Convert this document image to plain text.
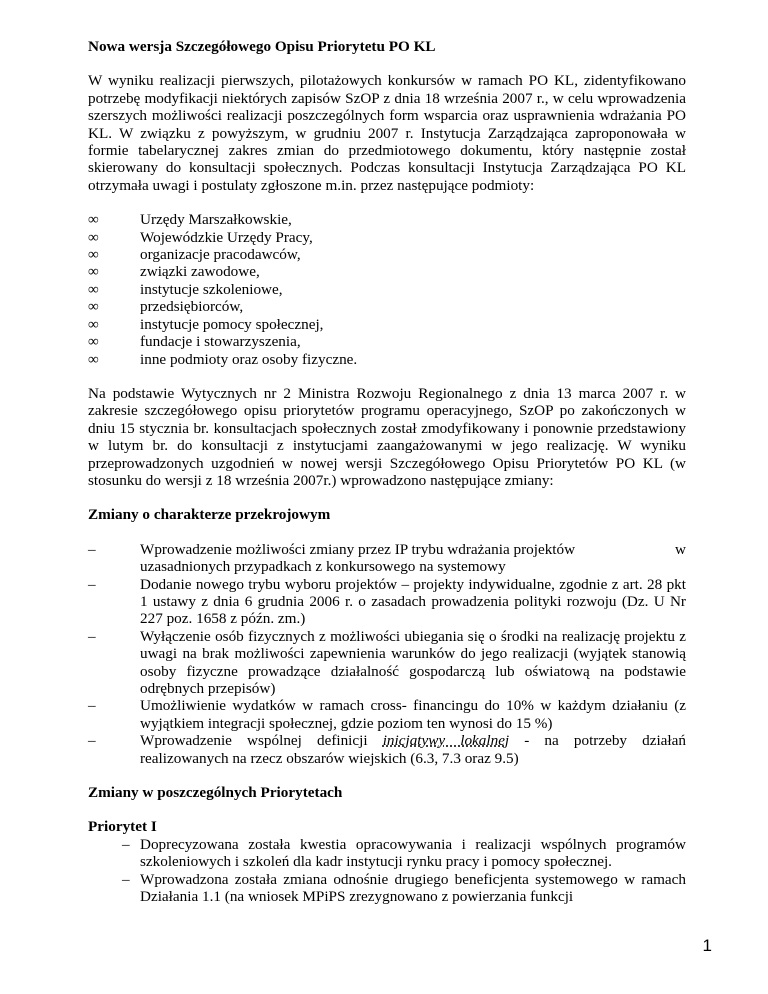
Nowa wersja Szczegółowego Opisu Priorytetu PO KL

W wyniku realizacji pierwszych, pilotażowych konkursów w ramach PO KL, zidentyfikowano potrzebę modyfikacji niektórych zapisów SzOP z dnia 18 września 2007 r., w celu wprowadzenia szerszych możliwości realizacji poszczególnych form wsparcia oraz usprawnienia wdrażania PO KL. W związku z powyższym, w grudniu 2007 r. Instytucja Zarządzająca zaproponowała w formie tabelarycznej zakres zmian do przedmiotowego dokumentu, który następnie został skierowany do konsultacji społecznych. Podczas konsultacji Instytucja Zarządzająca PO KL otrzymała uwagi i postulaty zgłoszone m.in. przez następujące podmioty:

∞	Urzędy Marszałkowskie,
∞	Wojewódzkie Urzędy Pracy,
∞	organizacje pracodawców,
∞	związki zawodowe,
∞	instytucje szkoleniowe,
∞	przedsiębiorców,
∞	instytucje pomocy społecznej,
∞	fundacje i stowarzyszenia,
∞	inne podmioty oraz osoby fizyczne.

Na podstawie Wytycznych nr 2 Ministra Rozwoju Regionalnego z dnia 13 marca 2007 r. w zakresie szczegółowego opisu priorytetów programu operacyjnego, SzOP po zakończonych w dniu 15 stycznia br. konsultacjach społecznych został zmodyfikowany i ponownie przedstawiony w lutym br. do konsultacji z instytucjami zaangażowanymi w jego realizację. W wyniku przeprowadzonych uzgodnień w nowej wersji Szczegółowego Opisu Priorytetów PO KL (w stosunku do wersji z 18 września 2007r.) wprowadzono następujące zmiany:

Zmiany o charakterze przekrojowym
–	w
Wprowadzenie możliwości zmiany przez IP trybu wdrażania projektów
uzasadnionych przypadkach z konkursowego na systemowy
–	Dodanie nowego trybu wyboru projektów – projekty indywidualne, zgodnie z art. 28 pkt 1 ustawy z dnia 6 grudnia 2006 r. o zasadach prowadzenia polityki rozwoju (Dz. U Nr 227 poz. 1658 z późn. zm.)
–	Wyłączenie osób fizycznych z możliwości ubiegania się o środki na realizację projektu z uwagi na brak możliwości zapewnienia warunków do jego realizacji (wyjątek stanowią osoby fizyczne prowadzące działalność gospodarczą lub oświatową na podstawie odrębnych przepisów)
–	Umożliwienie wydatków w ramach cross- financingu do 10% w każdym działaniu (z wyjątkiem integracji społecznej, gdzie poziom ten wynosi do 15 %)
–	Wprowadzenie wspólnej definicji inicjatywy lokalnej - na potrzeby działań realizowanych na rzecz obszarów wiejskich (6.3, 7.3 oraz 9.5)
Zmiany w poszczególnych Priorytetach
Priorytet I
– Doprecyzowana została kwestia opracowywania i realizacji wspólnych programów szkoleniowych i szkoleń dla kadr instytucji rynku pracy i pomocy społecznej.
– Wprowadzona została zmiana odnośnie drugiego beneficjenta systemowego w ramach Działania 1.1 (na wniosek MPiPS zrezygnowano z powierzania funkcji
1
